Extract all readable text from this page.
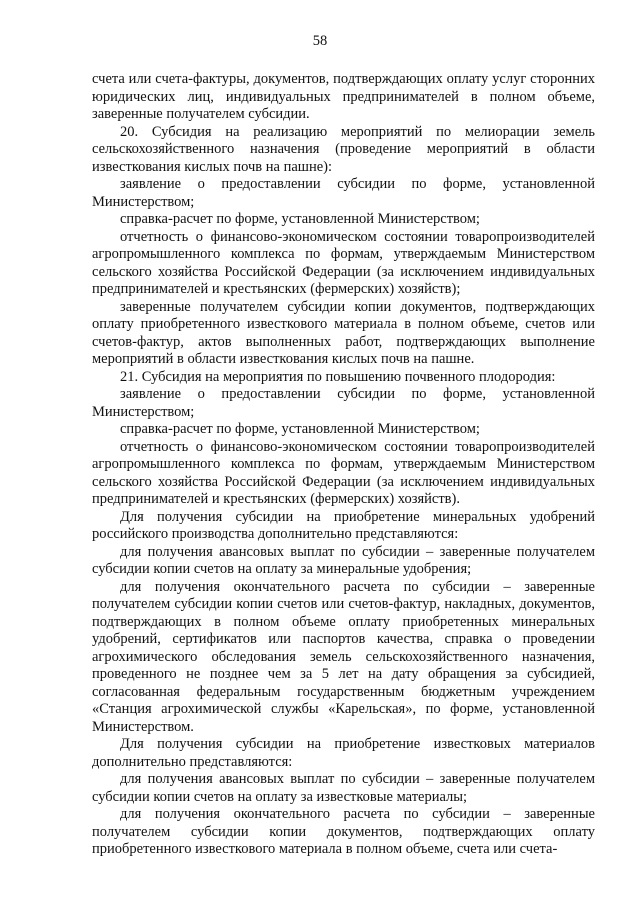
58

счета или счета-фактуры, документов, подтверждающих оплату услуг сторонних юридических лиц, индивидуальных предпринимателей в полном объеме, заверенные получателем субсидии.

20. Субсидия на реализацию мероприятий по мелиорации земель сельскохозяйственного назначения (проведение мероприятий в области известкования кислых почв на пашне):

заявление о предоставлении субсидии по форме, установленной Министерством;

справка-расчет по форме, установленной Министерством;

отчетность о финансово-экономическом состоянии товаропроизводителей агропромышленного комплекса по формам, утверждаемым Министерством сельского хозяйства Российской Федерации (за исключением индивидуальных предпринимателей и крестьянских (фермерских) хозяйств);

заверенные получателем субсидии копии документов, подтверждающих оплату приобретенного известкового материала в полном объеме, счетов или счетов-фактур, актов выполненных работ, подтверждающих выполнение мероприятий в области известкования кислых почв на пашне.

21. Субсидия на мероприятия по повышению почвенного плодородия:

заявление о предоставлении субсидии по форме, установленной Министерством;

справка-расчет по форме, установленной Министерством;

отчетность о финансово-экономическом состоянии товаропроизводителей агропромышленного комплекса по формам, утверждаемым Министерством сельского хозяйства Российской Федерации (за исключением индивидуальных предпринимателей и крестьянских (фермерских) хозяйств).

Для получения субсидии на приобретение минеральных удобрений российского производства дополнительно представляются:

для получения авансовых выплат по субсидии – заверенные получателем субсидии копии счетов на оплату за минеральные удобрения;

для получения окончательного расчета по субсидии – заверенные получателем субсидии копии счетов или счетов-фактур, накладных, документов, подтверждающих в полном объеме оплату приобретенных минеральных удобрений, сертификатов или паспортов качества, справка о проведении агрохимического обследования земель сельскохозяйственного назначения, проведенного не позднее чем за 5 лет на дату обращения за субсидией, согласованная федеральным государственным бюджетным учреждением «Станция агрохимической службы «Карельская», по форме, установленной Министерством.

Для получения субсидии на приобретение известковых материалов дополнительно представляются:

для получения авансовых выплат по субсидии – заверенные получателем субсидии копии счетов на оплату за известковые материалы;

для получения окончательного расчета по субсидии – заверенные получателем субсидии копии документов, подтверждающих оплату приобретенного известкового материала в полном объеме, счета или счета-
